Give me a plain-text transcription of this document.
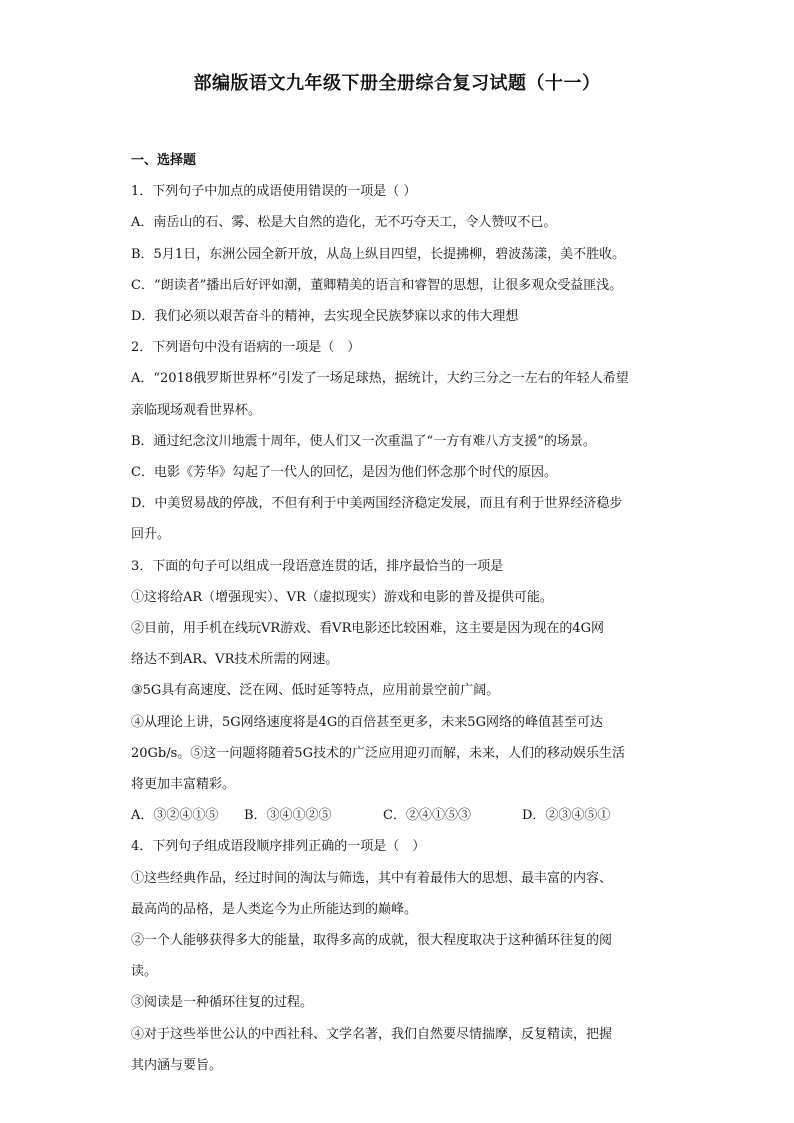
部编版语文九年级下册全册综合复习试题（十一）
一、选择题
1．下列句子中加点的成语使用错误的一项是（ ）
A．南岳山的石、雾、松是大自然的造化，无不巧夺天工，令人赞叹不已。
B．5月1日，东洲公园全新开放，从岛上纵目四望，长提拂柳，碧波荡漾，美不胜收。
C．“朗读者”播出后好评如潮，董卿精美的语言和睿智的思想，让很多观众受益匪浅。
D．我们必须以艰苦奋斗的精神，去实现全民族梦寐以求的伟大理想
2．下列语句中没有语病的一项是（　）
A．“2018俄罗斯世界杯”引发了一场足球热，据统计，大约三分之一左右的年轻人希望
亲临现场观看世界杯。
B．通过纪念汶川地震十周年，使人们又一次重温了“一方有难八方支援”的场景。
C．电影《芳华》勾起了一代人的回忆，是因为他们怀念那个时代的原因。
D．中美贸易战的停战，不但有利于中美两国经济稳定发展，而且有利于世界经济稳步
回升。
3．下面的句子可以组成一段语意连贯的话，排序最恰当的一项是
①这将给AR（增强现实）、VR（虚拟现实）游戏和电影的普及提供可能。
②目前，用手机在线玩VR游戏、看VR电影还比较困难，这主要是因为现在的4G网
络达不到AR、VR技术所需的网速。
③5G具有高速度、泛在网、低时延等特点，应用前景空前广阔。
④从理论上讲，5G网络速度将是4G的百倍甚至更多，未来5G网络的峰值甚至可达
20Gb/s。⑤这一问题将随着5G技术的广泛应用迎刃而解，未来，人们的移动娱乐生活
将更加丰富精彩。
A．③②④①⑤	B．③④①②⑤	C．②④①⑤③	D．②③④⑤①
4．下列句子组成语段顺序排列正确的一项是（　）
①这些经典作品，经过时间的淘汰与筛选，其中有着最伟大的思想、最丰富的内容、
最高尚的品格，是人类迄今为止所能达到的巅峰。
②一个人能够获得多大的能量，取得多高的成就，很大程度取决于这种循环往复的阅
读。
③阅读是一种循环往复的过程。
④对于这些举世公认的中西社科、文学名著，我们自然要尽情揣摩，反复精读，把握
其内涵与要旨。
